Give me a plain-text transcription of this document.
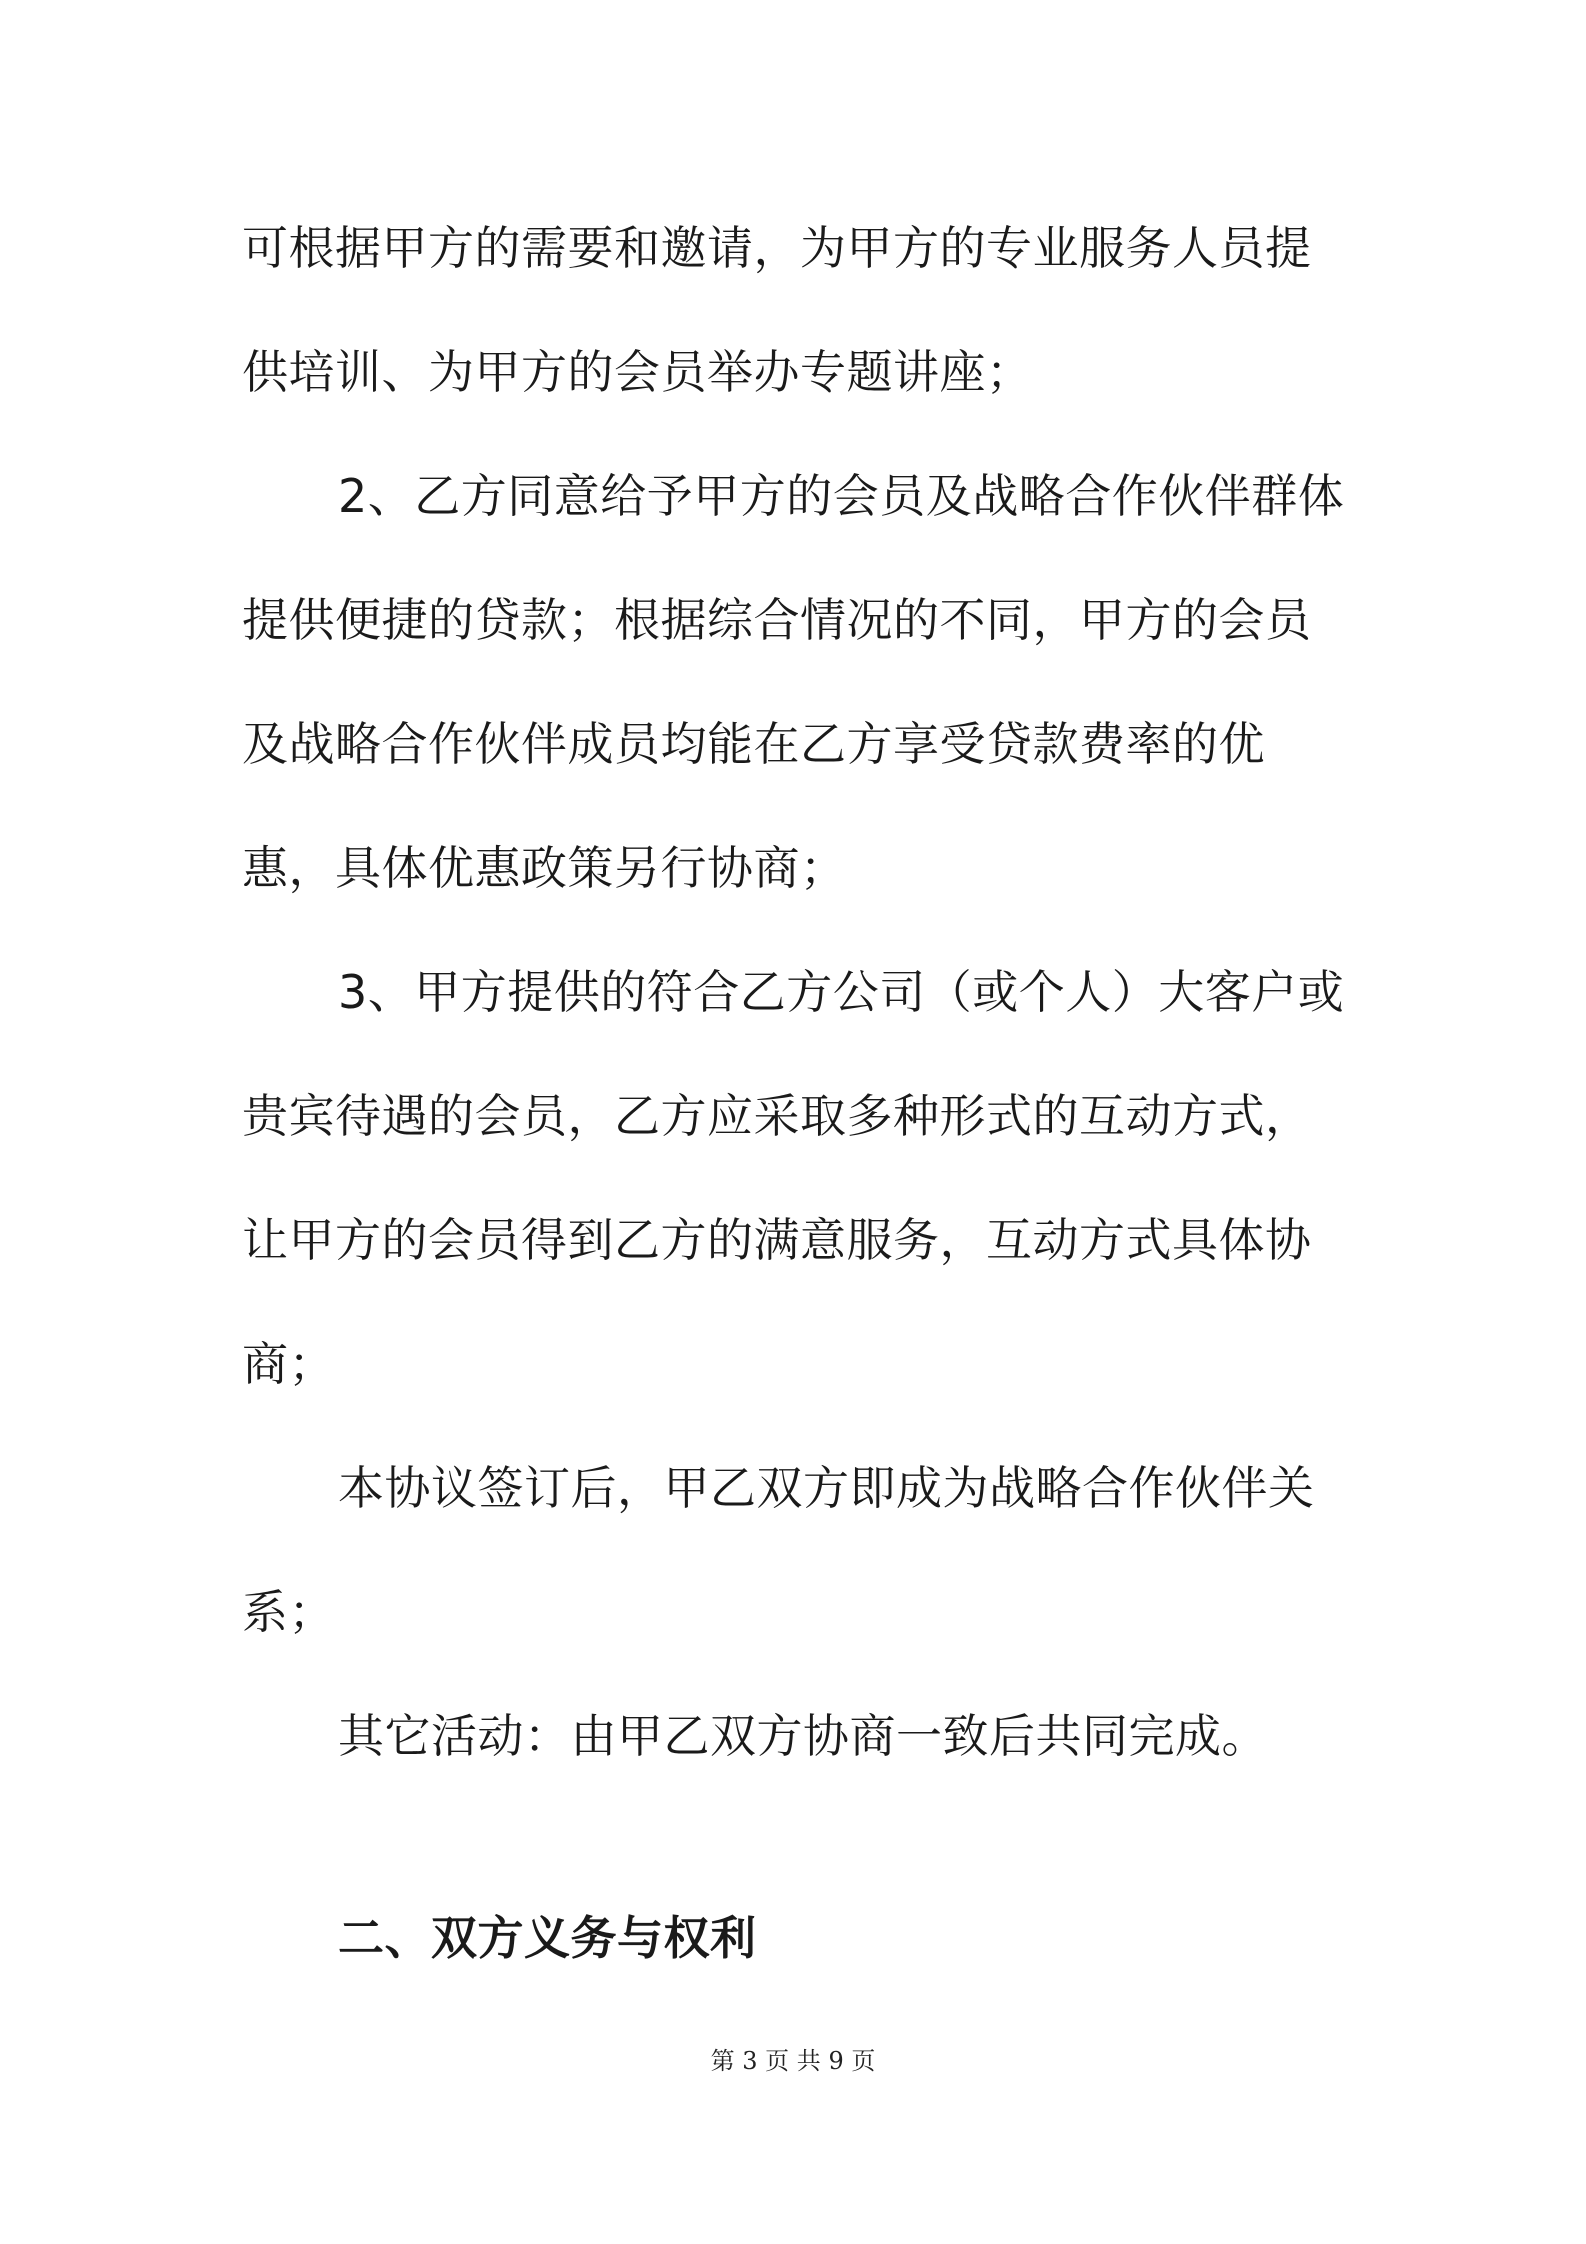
可根据甲方的需要和邀请，为甲方的专业服务人员提
供培训、为甲方的会员举办专题讲座；
2、乙方同意给予甲方的会员及战略合作伙伴群体
提供便捷的贷款；根据综合情况的不同，甲方的会员
及战略合作伙伴成员均能在乙方享受贷款费率的优
惠，具体优惠政策另行协商；
3、甲方提供的符合乙方公司（或个人）大客户或
贵宾待遇的会员，乙方应采取多种形式的互动方式，
让甲方的会员得到乙方的满意服务，互动方式具体协
商；
本协议签订后，甲乙双方即成为战略合作伙伴关
系；
其它活动：由甲乙双方协商一致后共同完成。
二、双方义务与权利
第 3 页 共 9 页
